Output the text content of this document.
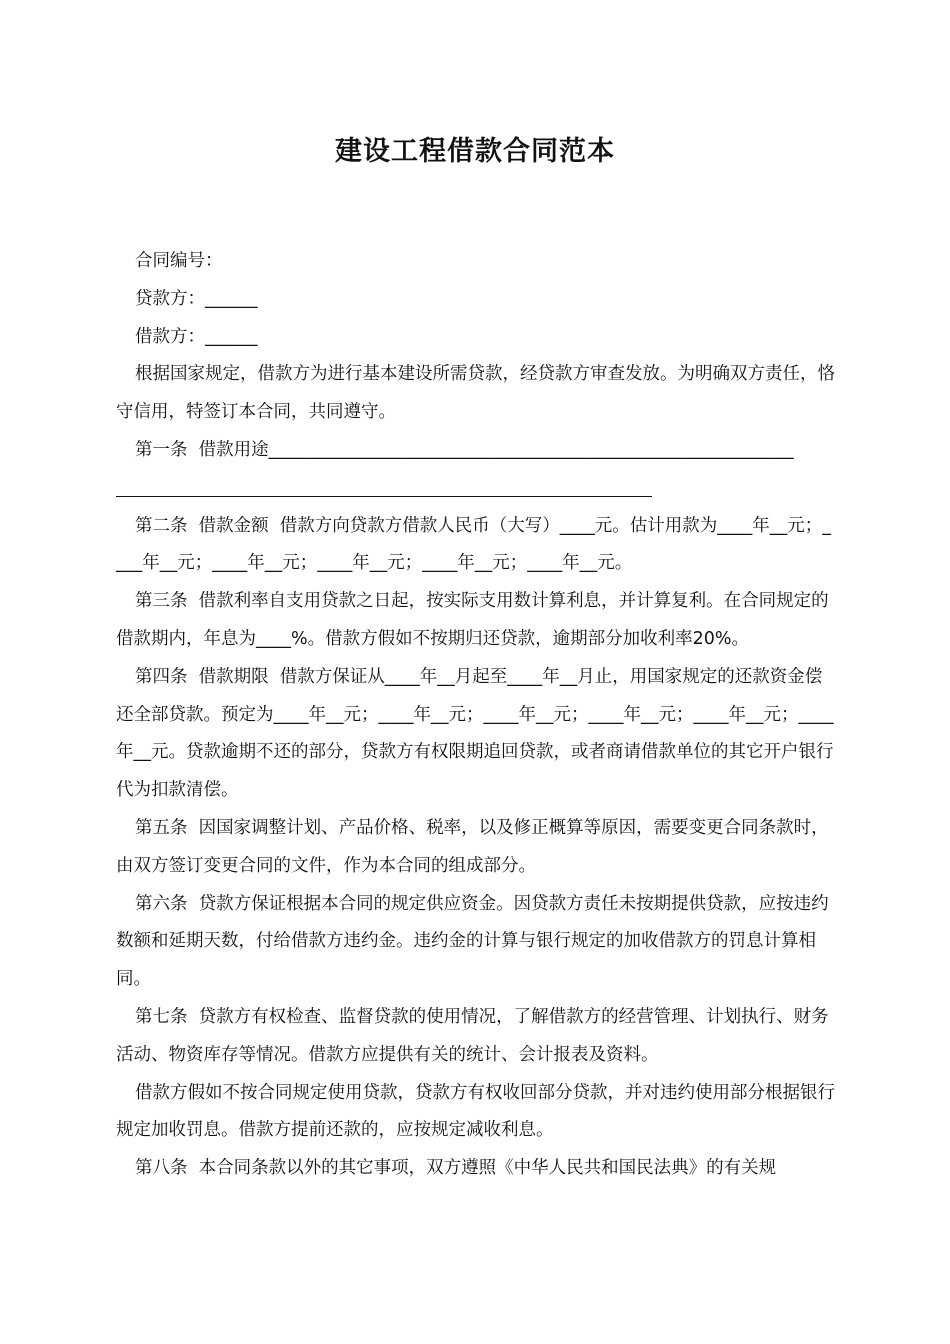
建设工程借款合同范本

合同编号：

贷款方：______

借款方：______

根据国家规定，借款方为进行基本建设所需贷款，经贷款方审查发放。为明确双方责任，恪守信用，特签订本合同，共同遵守。

第一条  借款用途____________________________________________________________

第二条  借款金额  借款方向贷款方借款人民币（大写）____元。估计用款为____年__元；____年__元；____年__元；____年__元；____年__元；____年__元。

第三条  借款利率自支用贷款之日起，按实际支用数计算利息，并计算复利。在合同规定的借款期内，年息为____%。借款方假如不按期归还贷款，逾期部分加收利率20%。

第四条  借款期限  借款方保证从____年__月起至____年__月止，用国家规定的还款资金偿还全部贷款。预定为____年__元；____年__元；____年__元；____年__元；____年__元；____年__元。贷款逾期不还的部分，贷款方有权限期追回贷款，或者商请借款单位的其它开户银行代为扣款清偿。

第五条  因国家调整计划、产品价格、税率，以及修正概算等原因，需要变更合同条款时，由双方签订变更合同的文件，作为本合同的组成部分。

第六条  贷款方保证根据本合同的规定供应资金。因贷款方责任未按期提供贷款，应按违约数额和延期天数，付给借款方违约金。违约金的计算与银行规定的加收借款方的罚息计算相同。

第七条  贷款方有权检查、监督贷款的使用情况，了解借款方的经营管理、计划执行、财务活动、物资库存等情况。借款方应提供有关的统计、会计报表及资料。

借款方假如不按合同规定使用贷款，贷款方有权收回部分贷款，并对违约使用部分根据银行规定加收罚息。借款方提前还款的，应按规定减收利息。

第八条  本合同条款以外的其它事项，双方遵照《中华人民共和国民法典》的有关规
